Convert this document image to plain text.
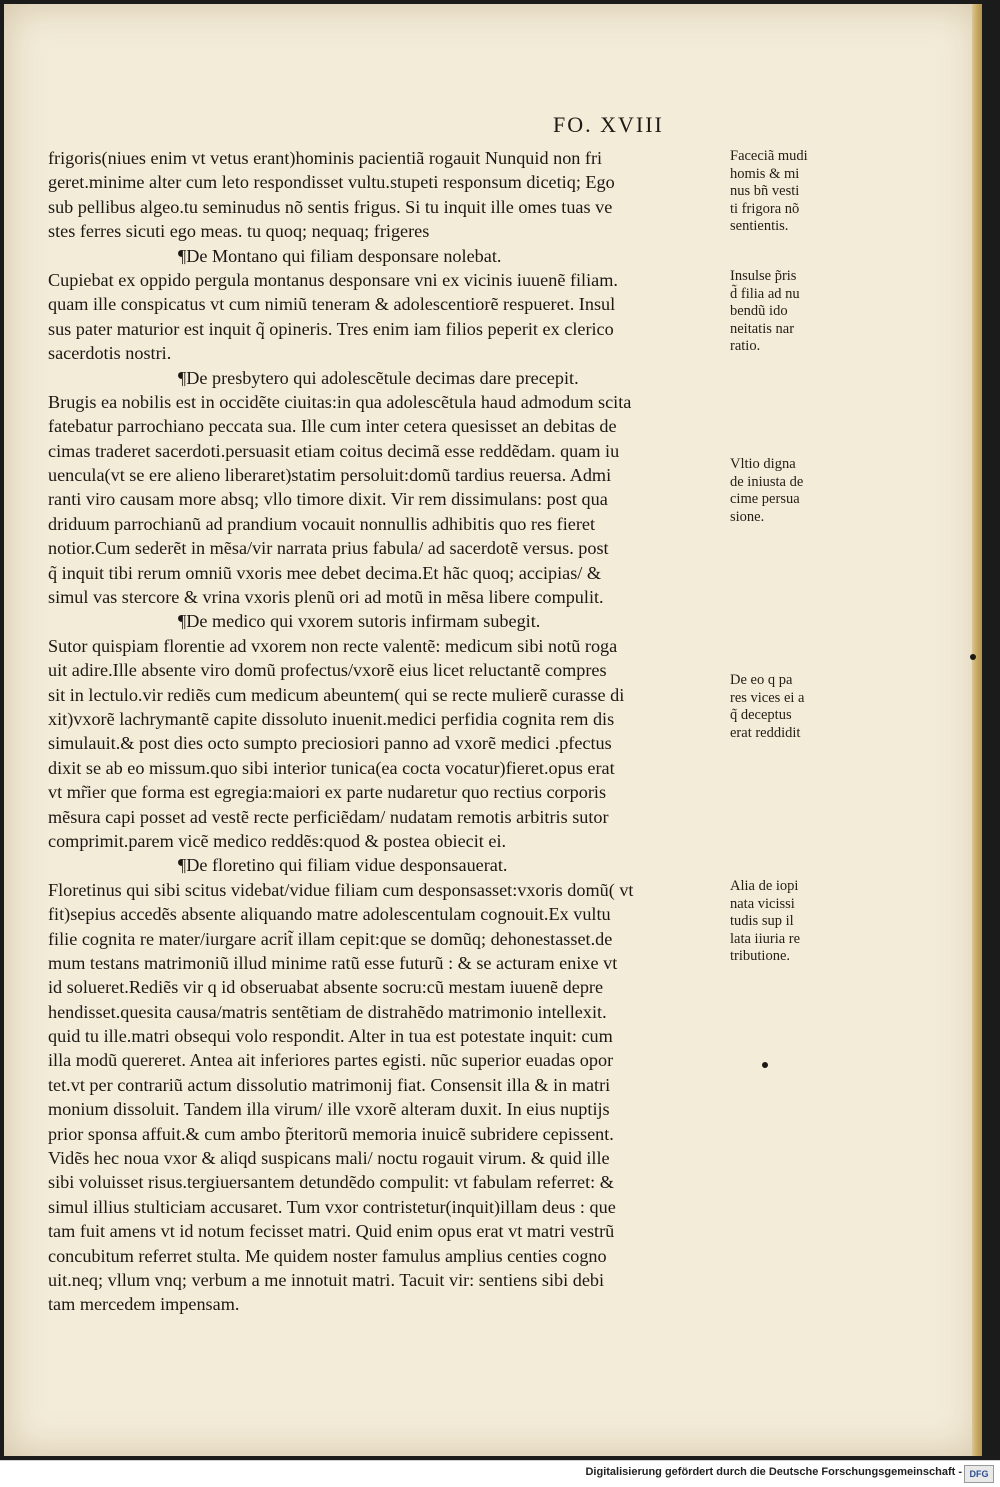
FO. XVIII
frigoris(niues enim vt vetus erant)hominis pacientiã rogauit Nunquid non fri
geret.minime alter cum leto respondisset vultu.stupeti responsum dicetiq; Ego
sub pellibus algeo.tu seminudus nõ sentis frigus. Si tu inquit ille omes tuas ve
stes ferres sicuti ego meas. tu quoq; nequaq; frigeres
¶De Montano qui filiam desponsare nolebat.
Cupiebat ex oppido pergula montanus desponsare vni ex vicinis iuuenẽ filiam.
quam ille conspicatus vt cum nimiũ teneram & adolescentiorẽ respueret. Insul
sus pater maturior est inquit q̃ opineris. Tres enim iam filios peperit ex clerico
sacerdotis nostri.
¶De presbytero qui adolescẽtule decimas dare precepit.
Brugis ea nobilis est in occidẽte ciuitas:in qua adolescẽtula haud admodum scita
fatebatur parrochiano peccata sua. Ille cum inter cetera quesisset an debitas de
cimas traderet sacerdoti.persuasit etiam coitus decimã esse reddẽdam. quam iu
uencula(vt se ere alieno liberaret)statim persoluit:domũ tardius reuersa. Admi
ranti viro causam more absq; vllo timore dixit. Vir rem dissimulans: post qua
driduum parrochianũ ad prandium vocauit nonnullis adhibitis quo res fieret
notior.Cum sederẽt in mẽsa/vir narrata prius fabula/ ad sacerdotẽ versus. post
q̃ inquit tibi rerum omniũ vxoris mee debet decima.Et hãc quoq; accipias/ &
simul vas stercore & vrina vxoris plenũ ori ad motũ in mẽsa libere compulit.
¶De medico qui vxorem sutoris infirmam subegit.
Sutor quispiam florentie ad vxorem non recte valentẽ: medicum sibi notũ roga
uit adire.Ille absente viro domũ profectus/vxorẽ eius licet reluctantẽ compres
sit in lectulo.vir rediẽs cum medicum abeuntem( qui se recte mulierẽ curasse di
xit)vxorẽ lachrymantẽ capite dissoluto inuenit.medici perfidia cognita rem dis
simulauit.& post dies octo sumpto preciosiori panno ad vxorẽ medici .pfectus
dixit se ab eo missum.quo sibi interior tunica(ea cocta vocatur)fieret.opus erat
vt mr̃ier que forma est egregia:maiori ex parte nudaretur quo rectius corporis
mẽsura capi posset ad vestẽ recte perficiẽdam/ nudatam remotis arbitris sutor
comprimit.parem vicẽ medico reddẽs:quod & postea obiecit ei.
¶De floretino qui filiam vidue desponsauerat.
Floretinus qui sibi scitus videbat/vidue filiam cum desponsasset:vxoris domũ( vt
fit)sepius accedẽs absente aliquando matre adolescentulam cognouit.Ex vultu
filie cognita re mater/iurgare acrit̃ illam cepit:que se domũq; dehonestasset.de
mum testans matrimoniũ illud minime ratũ esse futurũ : & se acturam enixe vt
id solueret.Rediẽs vir q id obseruabat absente socru:cũ mestam iuuenẽ depre
hendisset.quesita causa/matris sentẽtiam de distrahẽdo matrimonio intellexit.
quid tu ille.matri obsequi volo respondit. Alter in tua est potestate inquit: cum
illa modũ quereret. Antea ait inferiores partes egisti. nũc superior euadas opor
tet.vt per contrariũ actum dissolutio matrimonij fiat. Consensit illa & in matri
monium dissoluit. Tandem illa virum/ ille vxorẽ alteram duxit. In eius nuptijs
prior sponsa affuit.& cum ambo p̃teritorũ memoria inuicẽ subridere cepissent.
Vidẽs hec noua vxor & aliqd suspicans mali/ noctu rogauit virum. & quid ille
sibi voluisset risus.tergiuersantem detundẽdo compulit: vt fabulam referret: &
simul illius stulticiam accusaret. Tum vxor contristetur(inquit)illam deus : que
tam fuit amens vt id notum fecisset matri. Quid enim opus erat vt matri vestrũ
concubitum referret stulta. Me quidem noster famulus amplius centies cogno
uit.neq; vllum vnq; verbum a me innotuit matri. Tacuit vir: sentiens sibi debi
tam mercedem impensam.
Faceciã mudi
homis & mi
nus bñ vesti
ti frigora nõ
sentientis.
Insulse p̃ris
d̃ filia ad nu
bendũ ido
neitatis nar
ratio.
Vltio digna
de iniusta de
cime persua
sione.
De eo q pa
res vices ei a
q̃ deceptus
erat reddidit
Alia de iopi
nata vicissi
tudis sup il
lata iiuria re
tributione.
Digitalisierung gefördert durch die Deutsche Forschungsgemeinschaft - DFG
